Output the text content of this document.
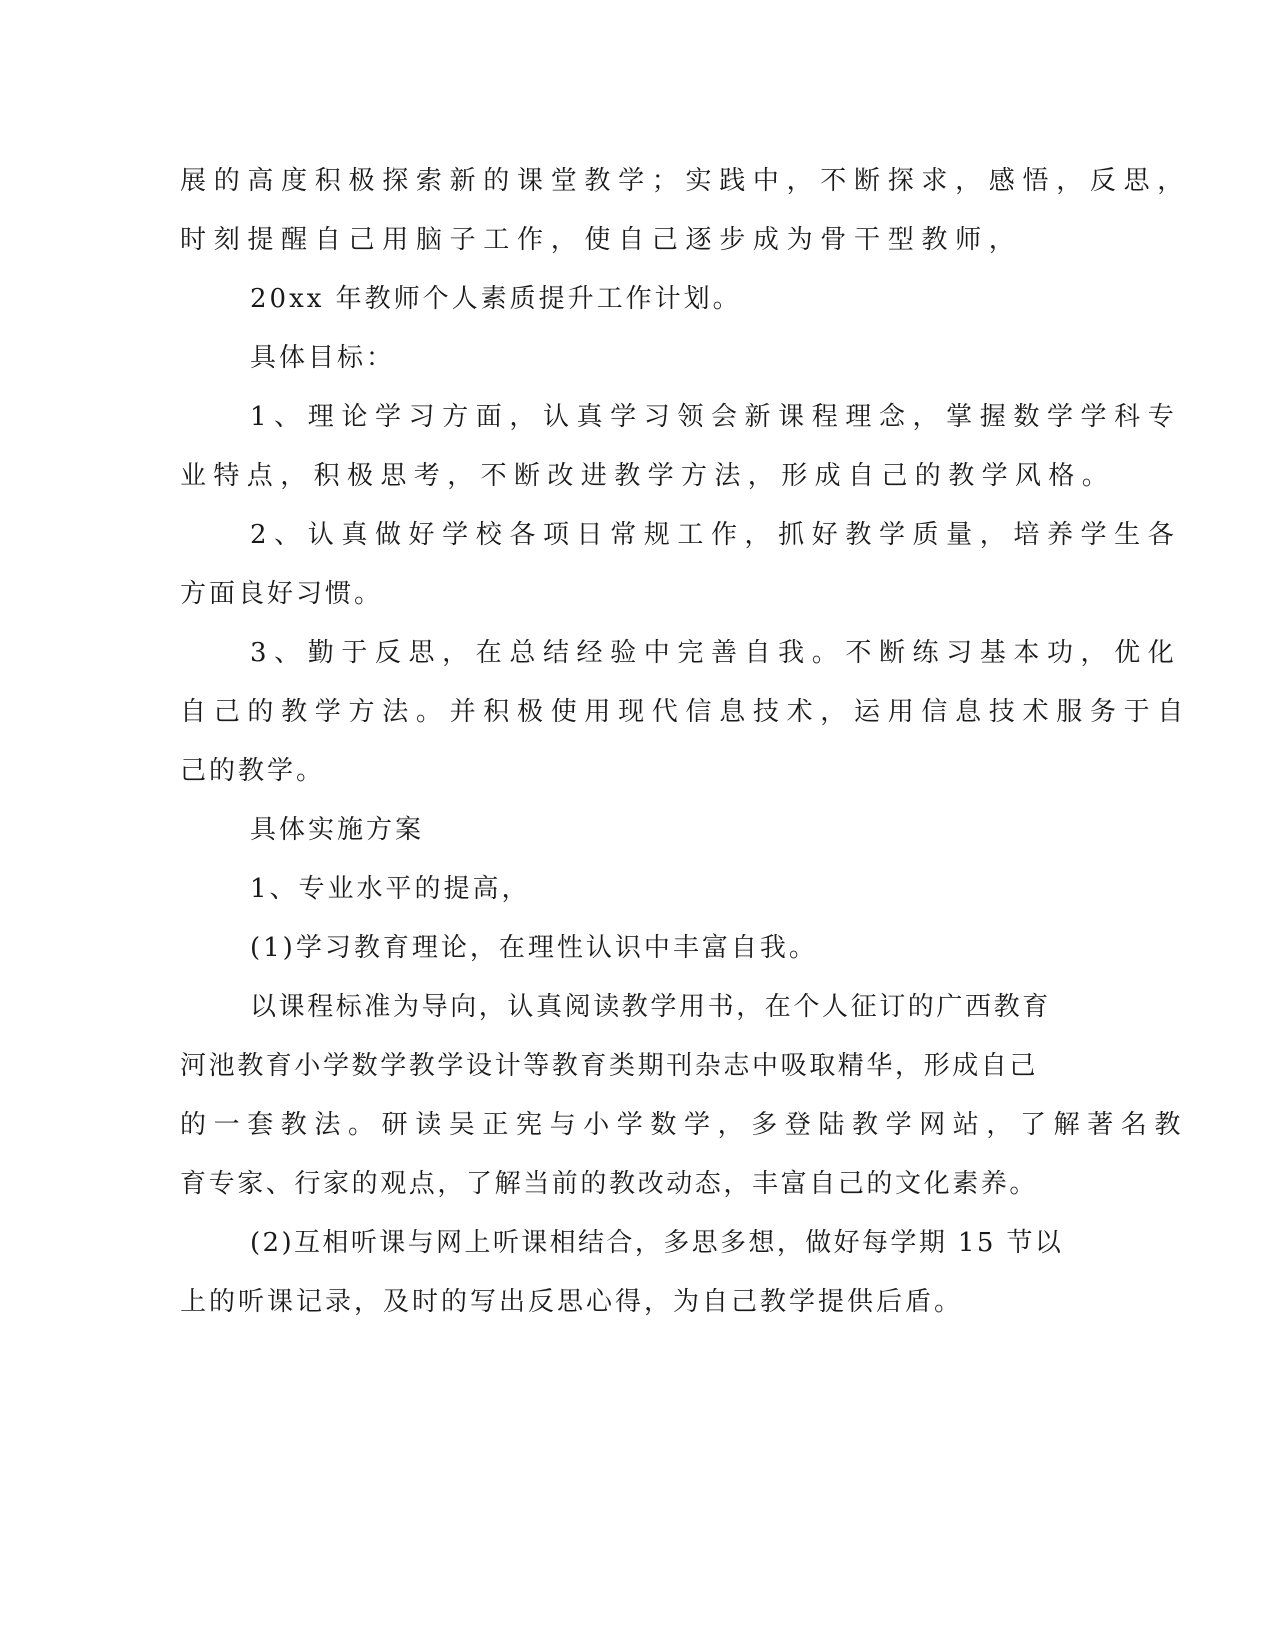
展的高度积极探索新的课堂教学；实践中，不断探求，感悟，反思，
时刻提醒自己用脑子工作，使自己逐步成为骨干型教师，
20xx 年教师个人素质提升工作计划。
具体目标：
1、理论学习方面，认真学习领会新课程理念，掌握数学学科专
业特点，积极思考，不断改进教学方法，形成自己的教学风格。
2、认真做好学校各项日常规工作，抓好教学质量，培养学生各
方面良好习惯。
3、勤于反思，在总结经验中完善自我。不断练习基本功，优化
自己的教学方法。并积极使用现代信息技术，运用信息技术服务于自
己的教学。
具体实施方案
1、专业水平的提高，
(1)学习教育理论，在理性认识中丰富自我。
以课程标准为导向，认真阅读教学用书，在个人征订的广西教育
河池教育小学数学教学设计等教育类期刊杂志中吸取精华，形成自己
的一套教法。研读吴正宪与小学数学，多登陆教学网站，了解著名教
育专家、行家的观点，了解当前的教改动态，丰富自己的文化素养。
(2)互相听课与网上听课相结合，多思多想，做好每学期 15 节以
上的听课记录，及时的写出反思心得，为自己教学提供后盾。
